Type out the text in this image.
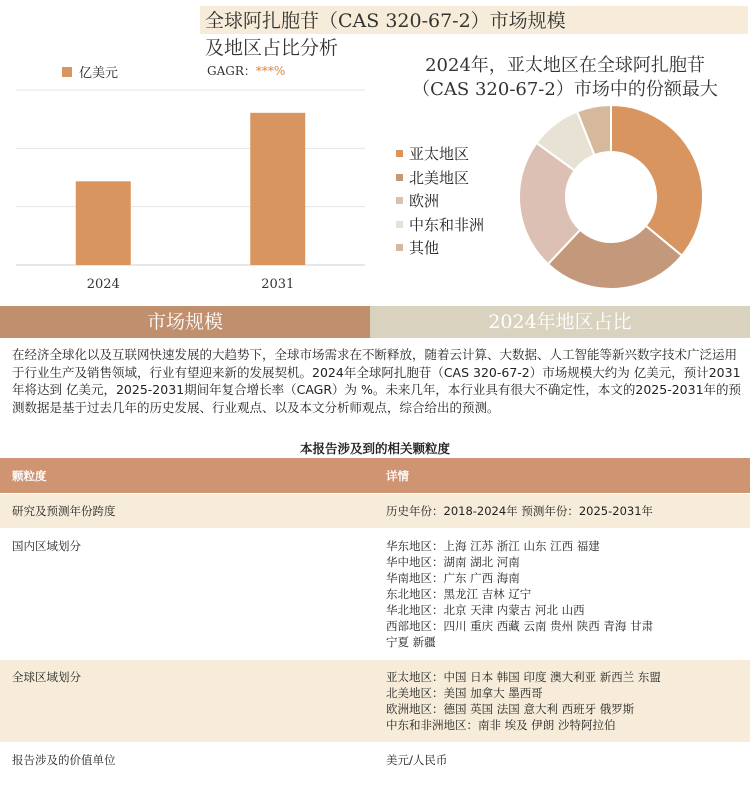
全球阿扎胞苷（CAS 320-67-2）市场规模
及地区占比分析
亿美元	GAGR：***%
2024	2031
2024年，亚太地区在全球阿扎胞苷
（CAS 320-67-2）市场中的份额最大
亚太地区
北美地区
欧洲
中东和非洲
其他
市场规模	2024年地区占比
在经济全球化以及互联网快速发展的大趋势下，全球市场需求在不断释放，随着云计算、大数据、人工智能等新兴数字技术广泛运用于行业生产及销售领域，行业有望迎来新的发展契机。2024年全球阿扎胞苷（CAS 320-67-2）市场规模大约为 亿美元，预计2031年将达到 亿美元，2025-2031期间年复合增长率（CAGR）为 %。未来几年，本行业具有很大不确定性，本文的2025-2031年的预测数据是基于过去几年的历史发展、行业观点、以及本文分析师观点，综合给出的预测。
本报告涉及到的相关颗粒度
颗粒度	详情
研究及预测年份跨度	历史年份：2018-2024年 预测年份：2025-2031年
国内区域划分	华东地区：上海 江苏 浙江 山东 江西 福建
华中地区：湖南 湖北 河南
华南地区：广东 广西 海南
东北地区：黑龙江 吉林 辽宁
华北地区：北京 天津 内蒙古 河北 山西
西部地区：四川 重庆 西藏 云南 贵州 陕西 青海 甘肃
宁夏 新疆
全球区域划分	亚太地区：中国 日本 韩国 印度 澳大利亚 新西兰 东盟
北美地区：美国 加拿大 墨西哥
欧洲地区：德国 英国 法国 意大利 西班牙 俄罗斯
中东和非洲地区：南非 埃及 伊朗 沙特阿拉伯
报告涉及的价值单位	美元/人民币
